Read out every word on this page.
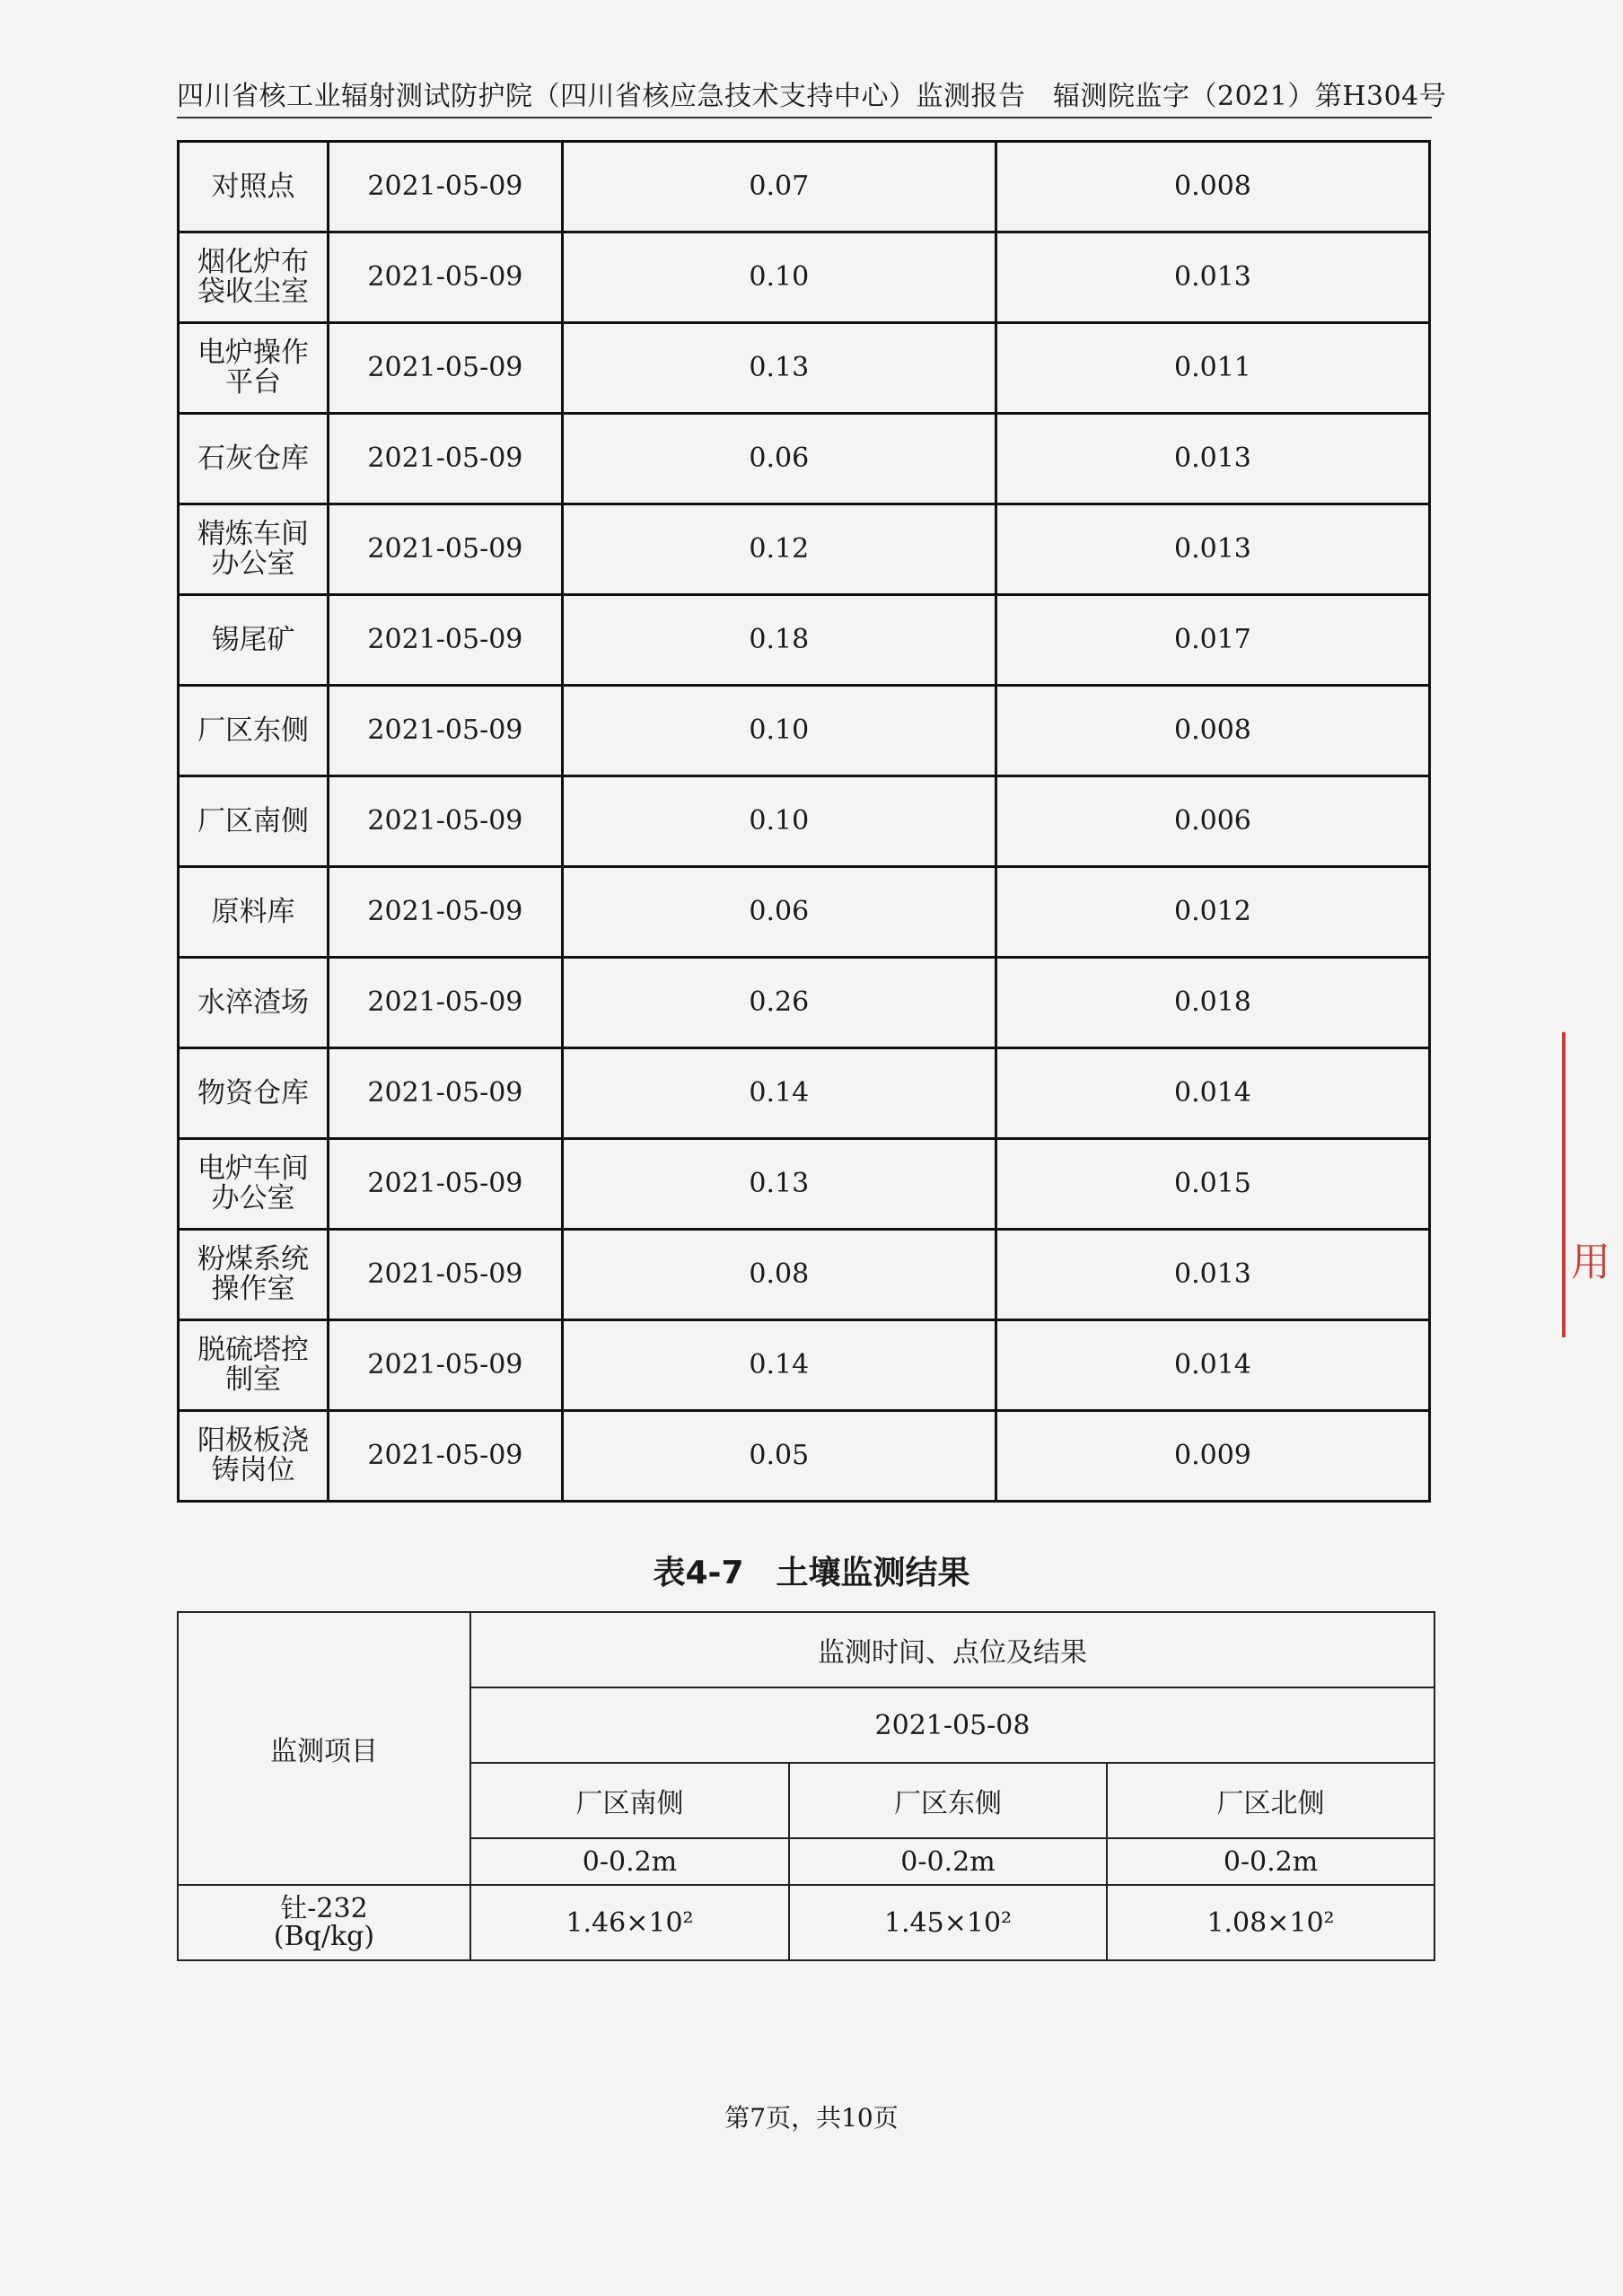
四川省核工业辐射测试防护院（四川省核应急技术支持中心）监测报告　辐测院监字（2021）第H304号
对照点	2021-05-09	0.07	0.008
烟化炉布袋收尘室	2021-05-09	0.10	0.013
电炉操作平台	2021-05-09	0.13	0.011
石灰仓库	2021-05-09	0.06	0.013
精炼车间办公室	2021-05-09	0.12	0.013
锡尾矿	2021-05-09	0.18	0.017
厂区东侧	2021-05-09	0.10	0.008
厂区南侧	2021-05-09	0.10	0.006
原料库	2021-05-09	0.06	0.012
水淬渣场	2021-05-09	0.26	0.018
物资仓库	2021-05-09	0.14	0.014
电炉车间办公室	2021-05-09	0.13	0.015
粉煤系统操作室	2021-05-09	0.08	0.013
脱硫塔控制室	2021-05-09	0.14	0.014
阳极板浇铸岗位	2021-05-09	0.05	0.009
表4-7　土壤监测结果
监测项目	监测时间、点位及结果		
	2021-05-08		
	厂区南侧	厂区东侧	厂区北侧
	0-0.2m	0-0.2m	0-0.2m
钍-232
(Bq/kg)	1.46×10²	1.45×10²	1.08×10²
用
第7页，共10页
